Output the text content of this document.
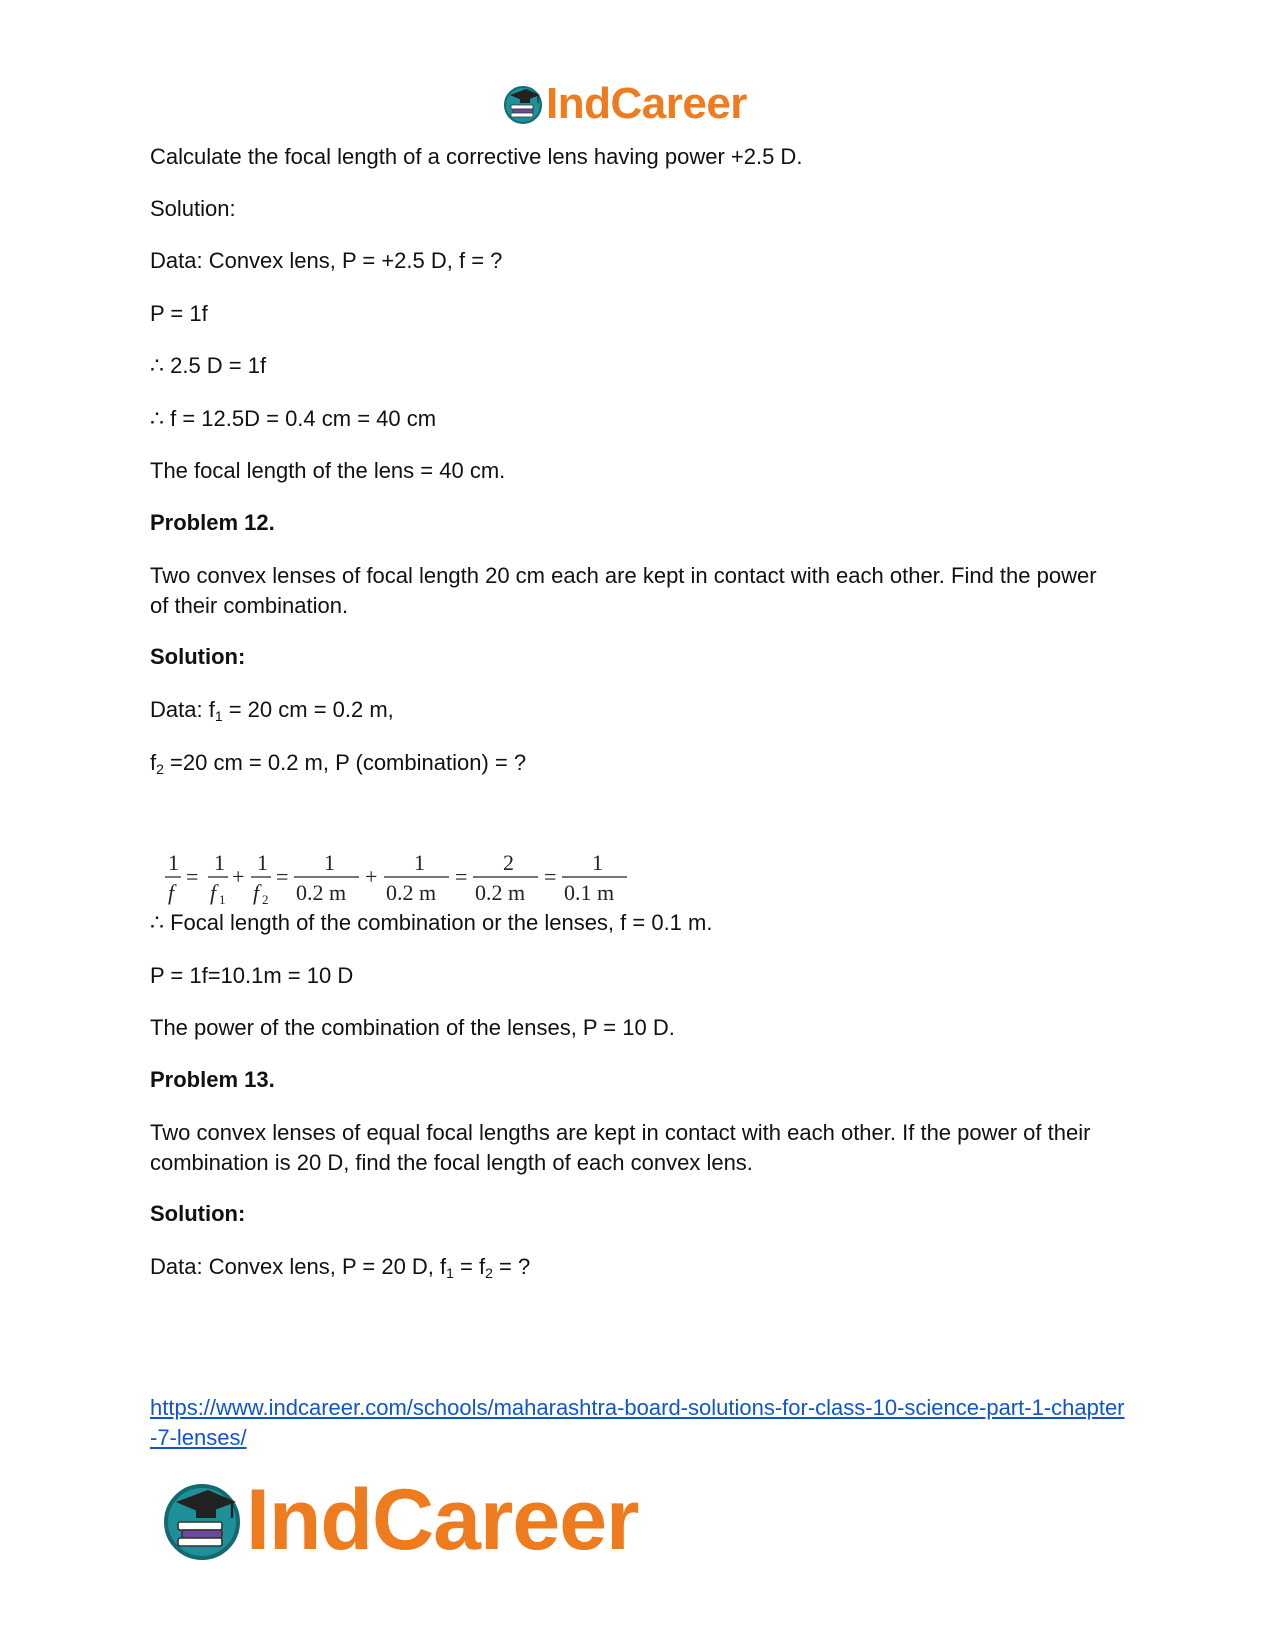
IndCareer
Calculate the focal length of a corrective lens having power +2.5 D.
Solution:
Data: Convex lens, P = +2.5 D, f = ?
P = 1f
∴ 2.5 D = 1f
∴ f = 12.5D = 0.4 cm = 40 cm
The focal length of the lens = 40 cm.
Problem 12.
Two convex lenses of focal length 20 cm each are kept in contact with each other. Find the power of their combination.
Solution:
Data: $f_1 = 20$ cm = 0.2 m,
$f_2 =20$ cm = 0.2 m, P (combination) = ?
1
f
=
1
f 1
+
1
f 2
=
1
0.2 m
+
1
0.2 m
=
2
0.2 m
=
1
0.1 m
∴ Focal length of the combination or the lenses, f = 0.1 m.
P = 1f=10.1m = 10 D
The power of the combination of the lenses, P = 10 D.
Problem 13.
Two convex lenses of equal focal lengths are kept in contact with each other. If the power of their combination is 20 D, find the focal length of each convex lens.
Solution:
Data: Convex lens, P = 20 D, $f_1 = f_2$ = ?
https://www.indcareer.com/schools/maharashtra-board-solutions-for-class-10-science-part-1-chapter-7-lenses/
IndCareer
